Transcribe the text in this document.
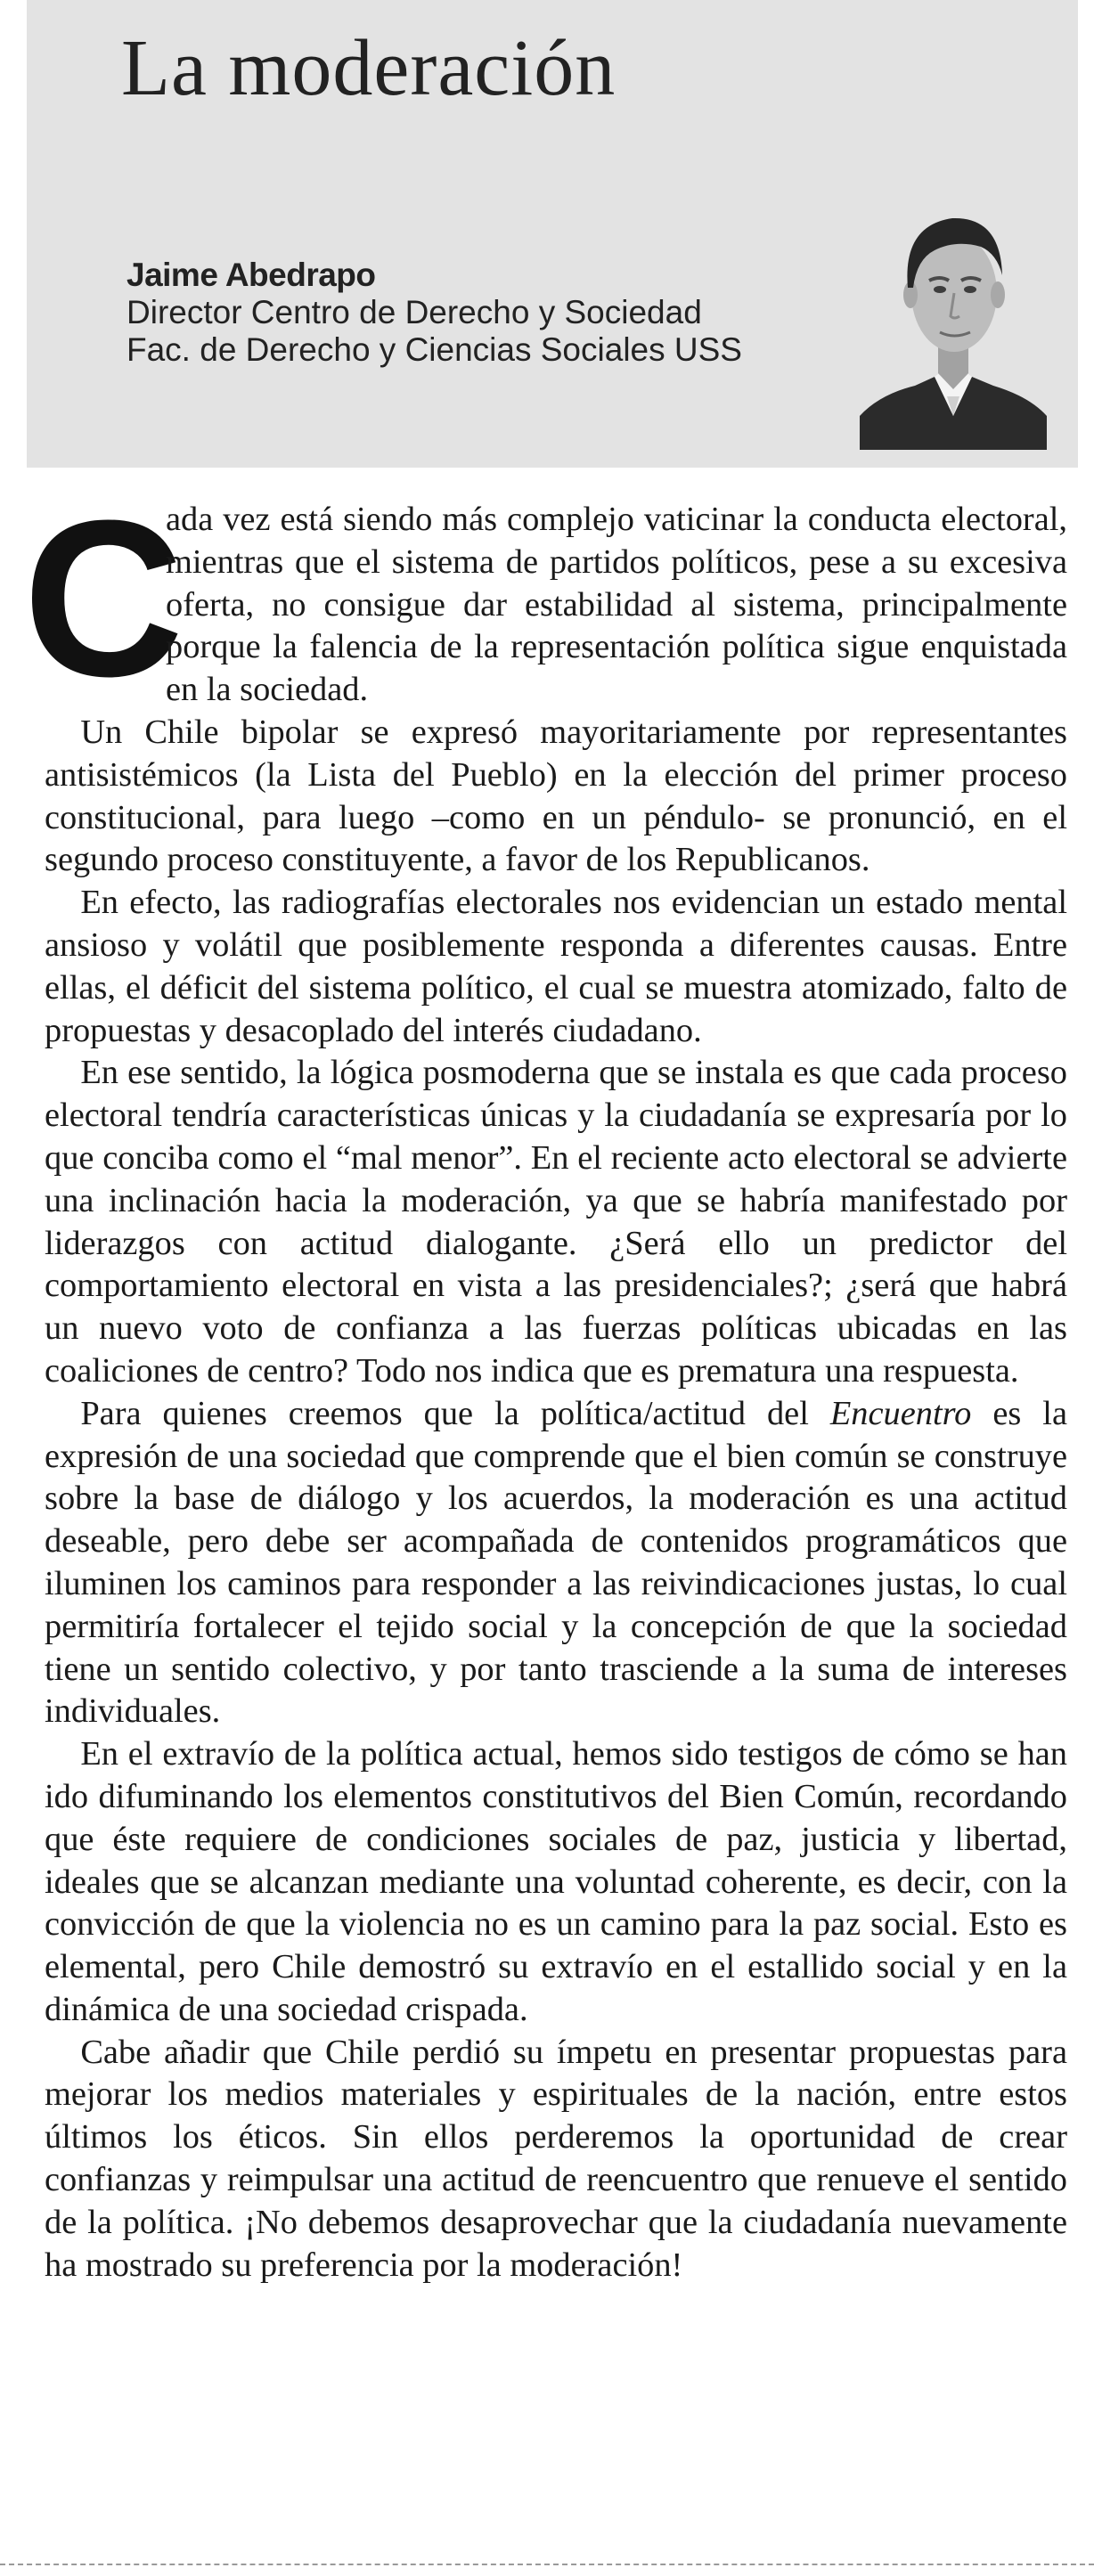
La moderación
Jaime Abedrapo
Director Centro de Derecho y Sociedad
Fac. de Derecho y Ciencias Sociales USS

C
ada vez está siendo más complejo vaticinar la conducta electoral, mientras que el sistema de partidos políticos, pese a su excesiva oferta, no consigue dar estabilidad al sistema, principalmente porque la falencia de la representación política sigue enquistada en la sociedad.

Un Chile bipolar se expresó mayoritariamente por representantes antisistémicos (la Lista del Pueblo) en la elección del primer proceso constitucional, para luego –como en un péndulo- se pronunció, en el segundo proceso constituyente, a favor de los Republicanos.

En efecto, las radiografías electorales nos evidencian un estado mental ansioso y volátil que posiblemente responda a diferentes causas. Entre ellas, el déficit del sistema político, el cual se muestra atomizado, falto de propuestas y desacoplado del interés ciudadano.

En ese sentido, la lógica posmoderna que se instala es que cada proceso electoral tendría características únicas y la ciudadanía se expresaría por lo que conciba como el “mal menor”. En el reciente acto electoral se advierte una inclinación hacia la moderación, ya que se habría manifestado por liderazgos con actitud dialogante. ¿Será ello un predictor del comportamiento electoral en vista a las presidenciales?; ¿será que habrá un nuevo voto de confianza a las fuerzas políticas ubicadas en las coaliciones de centro? Todo nos indica que es prematura una respuesta.

Para quienes creemos que la política/actitud del Encuentro es la expresión de una sociedad que comprende que el bien común se construye sobre la base de diálogo y los acuerdos, la moderación es una actitud deseable, pero debe ser acompañada de contenidos programáticos que iluminen los caminos para responder a las reivindicaciones justas, lo cual permitiría fortalecer el tejido social y la concepción de que la sociedad tiene un sentido colectivo, y por tanto trasciende a la suma de intereses individuales.

En el extravío de la política actual, hemos sido testigos de cómo se han ido difuminando los elementos constitutivos del Bien Común, recordando que éste requiere de condiciones sociales de paz, justicia y libertad, ideales que se alcanzan mediante una voluntad coherente, es decir, con la convicción de que la violencia no es un camino para la paz social. Esto es elemental, pero Chile demostró su extravío en el estallido social y en la dinámica de una sociedad crispada.

Cabe añadir que Chile perdió su ímpetu en presentar propuestas para mejorar los medios materiales y espirituales de la nación, entre estos últimos los éticos. Sin ellos perderemos la oportunidad de crear confianzas y reimpulsar una actitud de reencuentro que renueve el sentido de la política. ¡No debemos desaprovechar que la ciudadanía nuevamente ha mostrado su preferencia por la moderación!
